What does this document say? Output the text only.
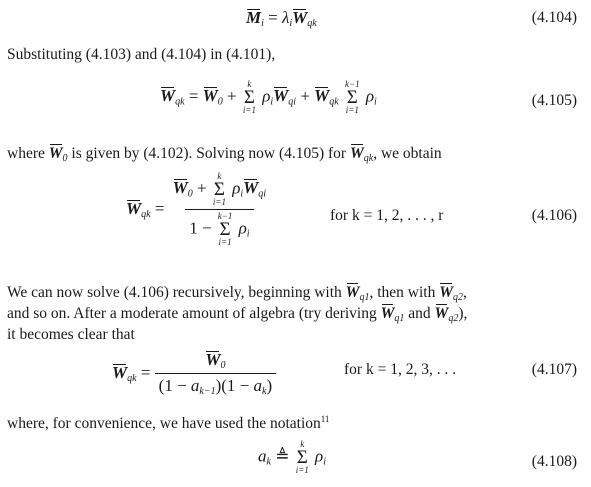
$M_i = \lambda_iW_{qk}$	(4.104)
Substituting (4.103) and (4.104) in (4.101),
$W_{qk} = W_0$ +
k
Σ
i=1
$\rho_iW_{qi} + W_{qk}$
k−1
Σ
i=1
$\rho_i$	(4.105)
where $W_0$ is given by (4.102). Solving now (4.105) for $W_{qk}$, we obtain
$W_{qk} = W_0$ +
k
Σ
i=1
$\rho_iW_{qi}$
1 −
k−1
Σ
i=1
$\rho_i$	for k = 1, 2, . . . , r	(4.106)
We can now solve (4.106) recursively, beginning with $W_{q1}$, then with $W_{q2}$,
and so on. After a moderate amount of algebra (try deriving $W_{q1}$ and $W_{q2}$),
it becomes clear that
$W_{qk} = \frac{W_0}{(1 - a_{k-1})(1 - a_k)}$	for k = 1, 2, 3, . . .	(4.107)
where, for convenience, we have used the notation$^{11}$
$a_k$ ≜
k
Σ
i=1
$\rho_i$	(4.108)
